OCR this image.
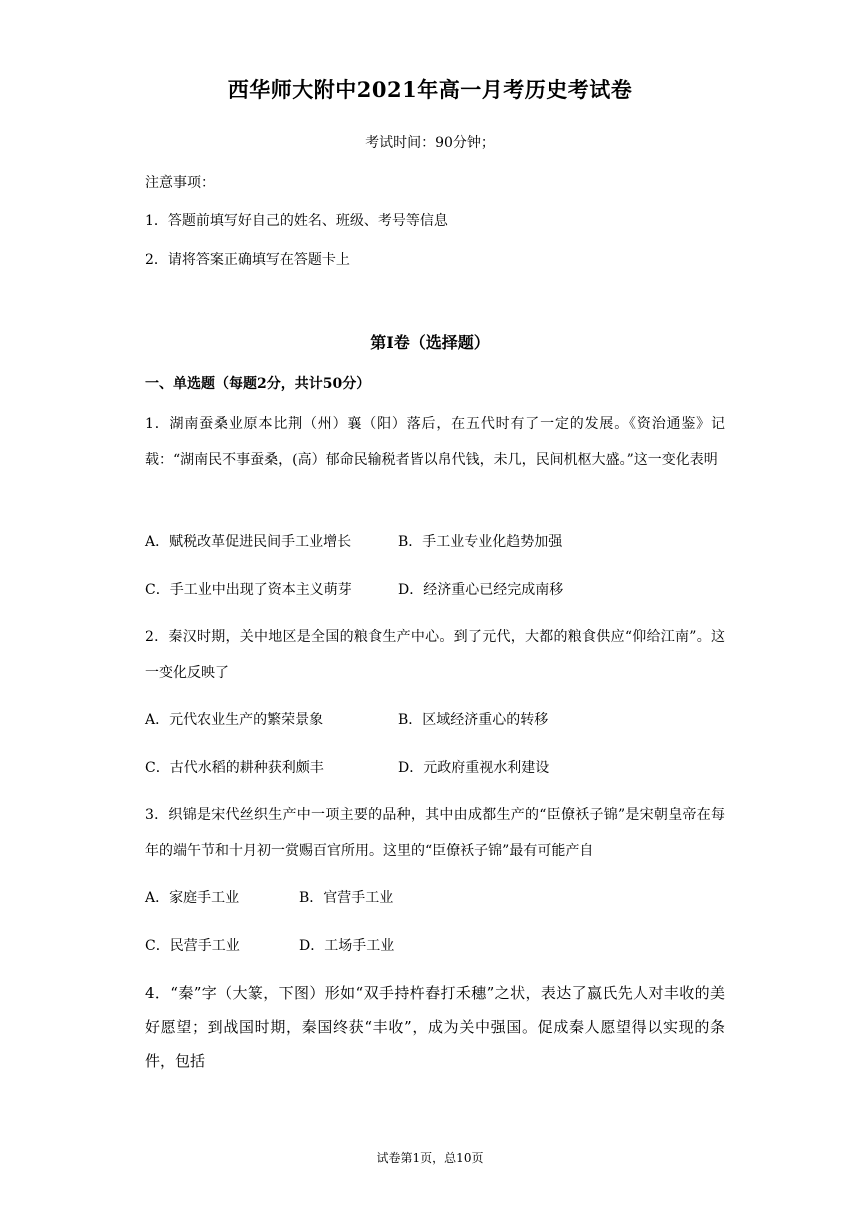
西华师大附中2021年高一月考历史考试卷
考试时间：90分钟；
注意事项：
1．答题前填写好自己的姓名、班级、考号等信息
2．请将答案正确填写在答题卡上
第I卷（选择题）
一、单选题（每题2分，共计50分）
1．湖南蚕桑业原本比荆（州）襄（阳）落后，在五代时有了一定的发展。《资治通鉴》记载：“湖南民不事蚕桑，(高）郁命民输税者皆以帛代钱，未几，民间机枢大盛。”这一变化表明
A．赋税改革促进民间手工业增长	B．手工业专业化趋势加强
C．手工业中出现了资本主义萌芽	D．经济重心已经完成南移
2．秦汉时期，关中地区是全国的粮食生产中心。到了元代，大都的粮食供应“仰给江南”。这一变化反映了
A．元代农业生产的繁荣景象	B．区域经济重心的转移
C．古代水稻的耕种获利颇丰	D．元政府重视水利建设
3．织锦是宋代丝织生产中一项主要的品种，其中由成都生产的“臣僚袄子锦”是宋朝皇帝在每年的端午节和十月初一赏赐百官所用。这里的“臣僚袄子锦”最有可能产自
A．家庭手工业	B．官营手工业
C．民营手工业	D．工场手工业
4．“秦”字（大篆，下图）形如“双手持杵舂打禾穗”之状，表达了嬴氏先人对丰收的美好愿望；到战国时期，秦国终获“丰收”，成为关中强国。促成秦人愿望得以实现的条件，包括
试卷第1页，总10页
